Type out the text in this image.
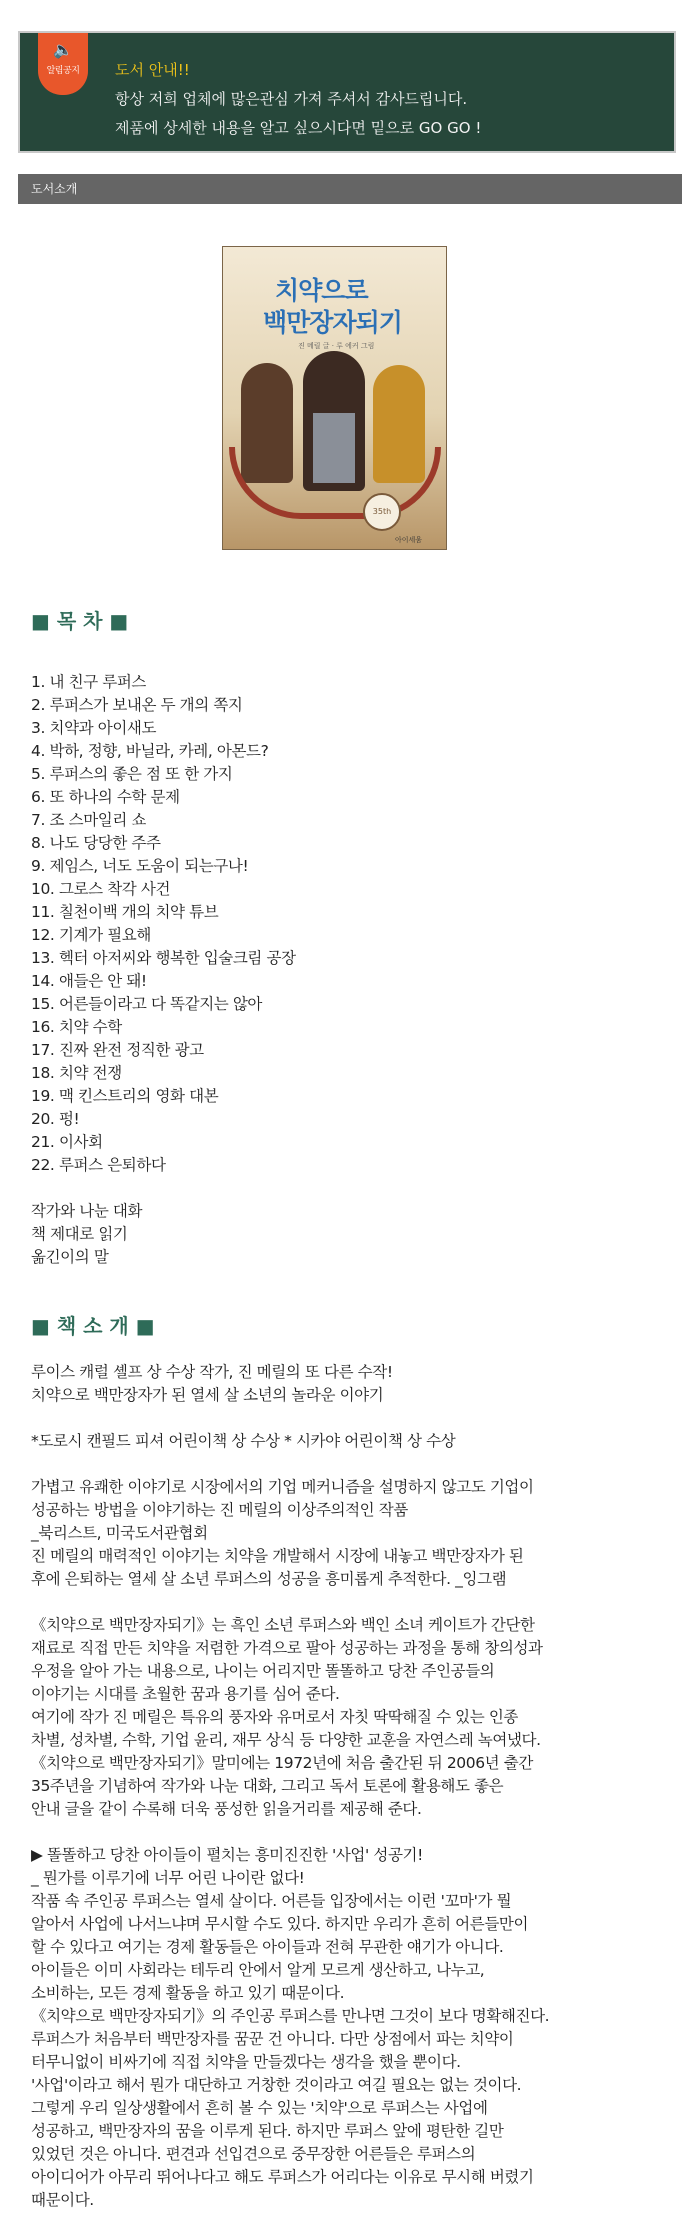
🔈
알림공지	도서 안내!!

항상 저희 업체에 많은관심 가져 주셔서 감사드립니다.

제품에 상세한 내용을 알고 싶으시다면 밑으로 GO GO !

도서소개
치약으로
백만장자되기
진 메릴 글 · 루 에커 그림
35th
아이세움
■ 목 차 ■
1. 내 친구 루퍼스
2. 루퍼스가 보내온 두 개의 쪽지
3. 치약과 아이새도
4. 박하, 정향, 바닐라, 카레, 아몬드?
5. 루퍼스의 좋은 점 또 한 가지
6. 또 하나의 수학 문제
7. 조 스마일리 쇼
8. 나도 당당한 주주
9. 제임스, 너도 도움이 되는구나!
10. 그로스 착각 사건
11. 칠천이백 개의 치약 튜브
12. 기계가 필요해
13. 헥터 아저씨와 행복한 입술크림 공장
14. 애들은 안 돼!
15. 어른들이라고 다 똑같지는 않아
16. 치약 수학
17. 진짜 완전 정직한 광고
18. 치약 전쟁
19. 맥 킨스트리의 영화 대본
20. 펑!
21. 이사회
22. 루퍼스 은퇴하다
작가와 나눈 대화
책 제대로 읽기
옮긴이의 말
■ 책 소 개 ■
루이스 캐럴 셸프 상 수상 작가, 진 메릴의 또 다른 수작!
치약으로 백만장자가 된 열세 살 소년의 놀라운 이야기
*도로시 캔필드 피셔 어린이책 상 수상 * 시카야 어린이책 상 수상
가볍고 유쾌한 이야기로 시장에서의 기업 메커니즘을 설명하지 않고도 기업이
성공하는 방법을 이야기하는 진 메릴의 이상주의적인 작품
_북리스트, 미국도서관협회
진 메릴의 매력적인 이야기는 치약을 개발해서 시장에 내놓고 백만장자가 된
후에 은퇴하는 열세 살 소년 루퍼스의 성공을 흥미롭게 추적한다. _잉그램
《치약으로 백만장자되기》는 흑인 소년 루퍼스와 백인 소녀 케이트가 간단한
재료로 직접 만든 치약을 저렴한 가격으로 팔아 성공하는 과정을 통해 창의성과
우정을 알아 가는 내용으로, 나이는 어리지만 똘똘하고 당찬 주인공들의
이야기는 시대를 초월한 꿈과 용기를 심어 준다.
여기에 작가 진 메릴은 특유의 풍자와 유머로서 자칫 딱딱해질 수 있는 인종
차별, 성차별, 수학, 기업 윤리, 재무 상식 등 다양한 교훈을 자연스레 녹여냈다.
《치약으로 백만장자되기》말미에는 1972년에 처음 출간된 뒤 2006년 출간
35주년을 기념하여 작가와 나눈 대화, 그리고 독서 토론에 활용해도 좋은
안내 글을 같이 수록해 더욱 풍성한 읽을거리를 제공해 준다.
▶ 똘똘하고 당찬 아이들이 펼치는 흥미진진한 '사업' 성공기!
_ 뭔가를 이루기에 너무 어린 나이란 없다!
작품 속 주인공 루퍼스는 열세 살이다. 어른들 입장에서는 이런 '꼬마'가 뭘
알아서 사업에 나서느냐며 무시할 수도 있다. 하지만 우리가 흔히 어른들만이
할 수 있다고 여기는 경제 활동들은 아이들과 전혀 무관한 얘기가 아니다.
아이들은 이미 사회라는 테두리 안에서 알게 모르게 생산하고, 나누고,
소비하는, 모든 경제 활동을 하고 있기 때문이다.
《치약으로 백만장자되기》의 주인공 루퍼스를 만나면 그것이 보다 명확해진다.
루퍼스가 처음부터 백만장자를 꿈꾼 건 아니다. 다만 상점에서 파는 치약이
터무니없이 비싸기에 직접 치약을 만들겠다는 생각을 했을 뿐이다.
'사업'이라고 해서 뭔가 대단하고 거창한 것이라고 여길 필요는 없는 것이다.
그렇게 우리 일상생활에서 흔히 볼 수 있는 '치약'으로 루퍼스는 사업에
성공하고, 백만장자의 꿈을 이루게 된다. 하지만 루퍼스 앞에 평탄한 길만
있었던 것은 아니다. 편견과 선입견으로 중무장한 어른들은 루퍼스의
아이디어가 아무리 뛰어나다고 해도 루퍼스가 어리다는 이유로 무시해 버렸기
때문이다.
